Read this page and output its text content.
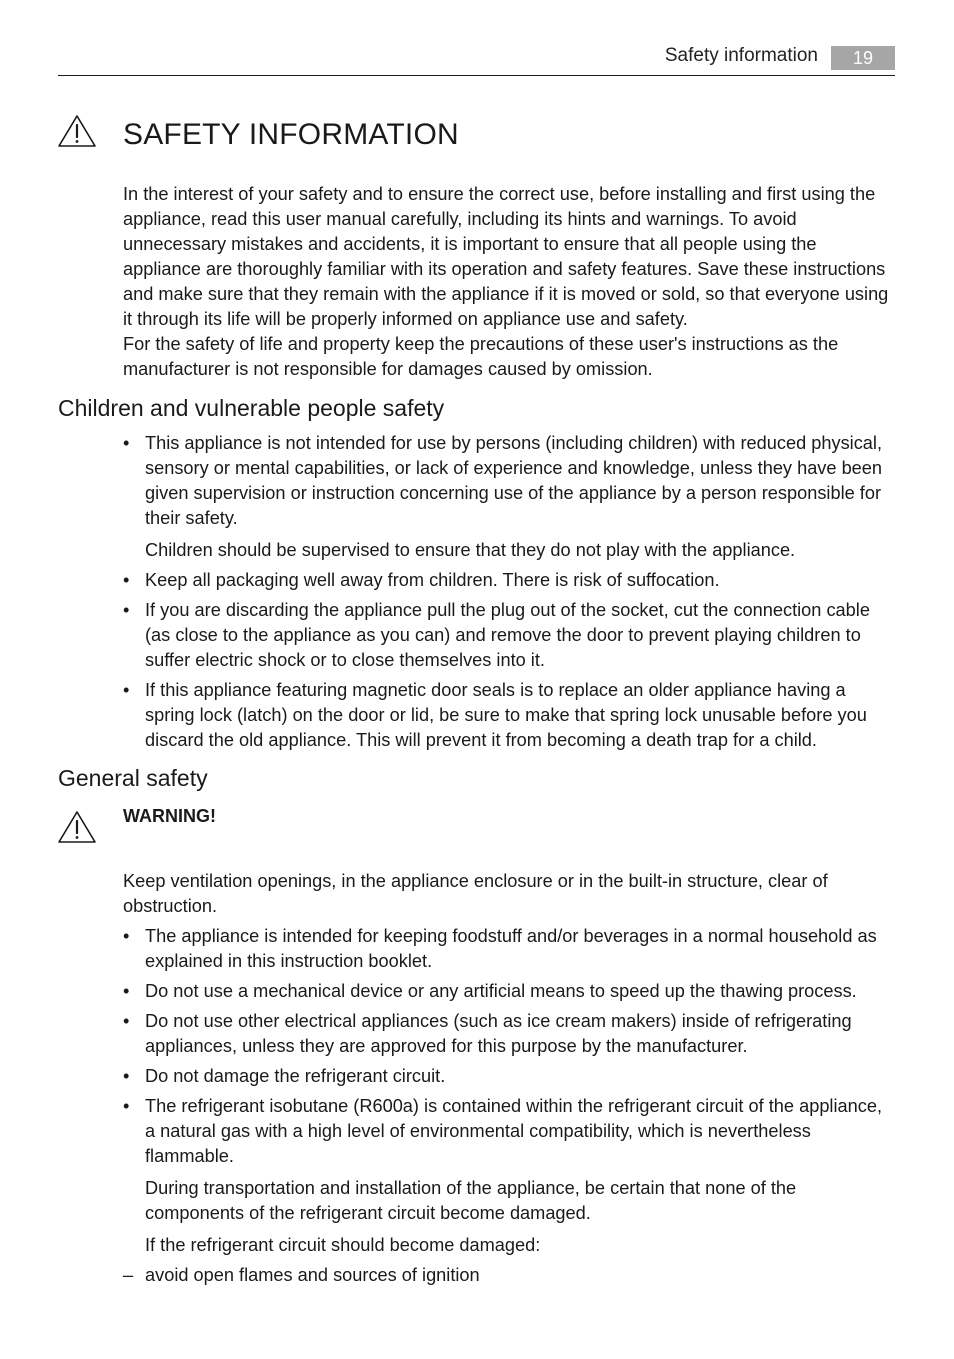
Safety information	19
SAFETY INFORMATION

In the interest of your safety and to ensure the correct use, before installing and first using the appliance, read this user manual carefully, including its hints and warnings. To avoid unnecessary mistakes and accidents, it is important to ensure that all people using the appliance are thoroughly familiar with its operation and safety features. Save these instructions and make sure that they remain with the appliance if it is moved or sold, so that everyone using it through its life will be properly informed on appliance use and safety.

For the safety of life and property keep the precautions of these user's instructions as the manufacturer is not responsible for damages caused by omission.

Children and vulnerable people safety

• This appliance is not intended for use by persons (including children) with reduced physical, sensory or mental capabilities, or lack of experience and knowledge, unless they have been given supervision or instruction concerning use of the appliance by a person responsible for their safety.

Children should be supervised to ensure that they do not play with the appliance.

• Keep all packaging well away from children. There is risk of suffocation.

• If you are discarding the appliance pull the plug out of the socket, cut the connection cable (as close to the appliance as you can) and remove the door to prevent playing children to suffer electric shock or to close themselves into it.

• If this appliance featuring magnetic door seals is to replace an older appliance having a spring lock (latch) on the door or lid, be sure to make that spring lock unusable before you discard the old appliance. This will prevent it from becoming a death trap for a child.

General safety

WARNING!

Keep ventilation openings, in the appliance enclosure or in the built-in structure, clear of obstruction.

• The appliance is intended for keeping foodstuff and/or beverages in a normal household as explained in this instruction booklet.

• Do not use a mechanical device or any artificial means to speed up the thawing process.

• Do not use other electrical appliances (such as ice cream makers) inside of refrigerating appliances, unless they are approved for this purpose by the manufacturer.

• Do not damage the refrigerant circuit.

• The refrigerant isobutane (R600a) is contained within the refrigerant circuit of the appliance, a natural gas with a high level of environmental compatibility, which is nevertheless flammable.

During transportation and installation of the appliance, be certain that none of the components of the refrigerant circuit become damaged.

If the refrigerant circuit should become damaged:

– avoid open flames and sources of ignition
